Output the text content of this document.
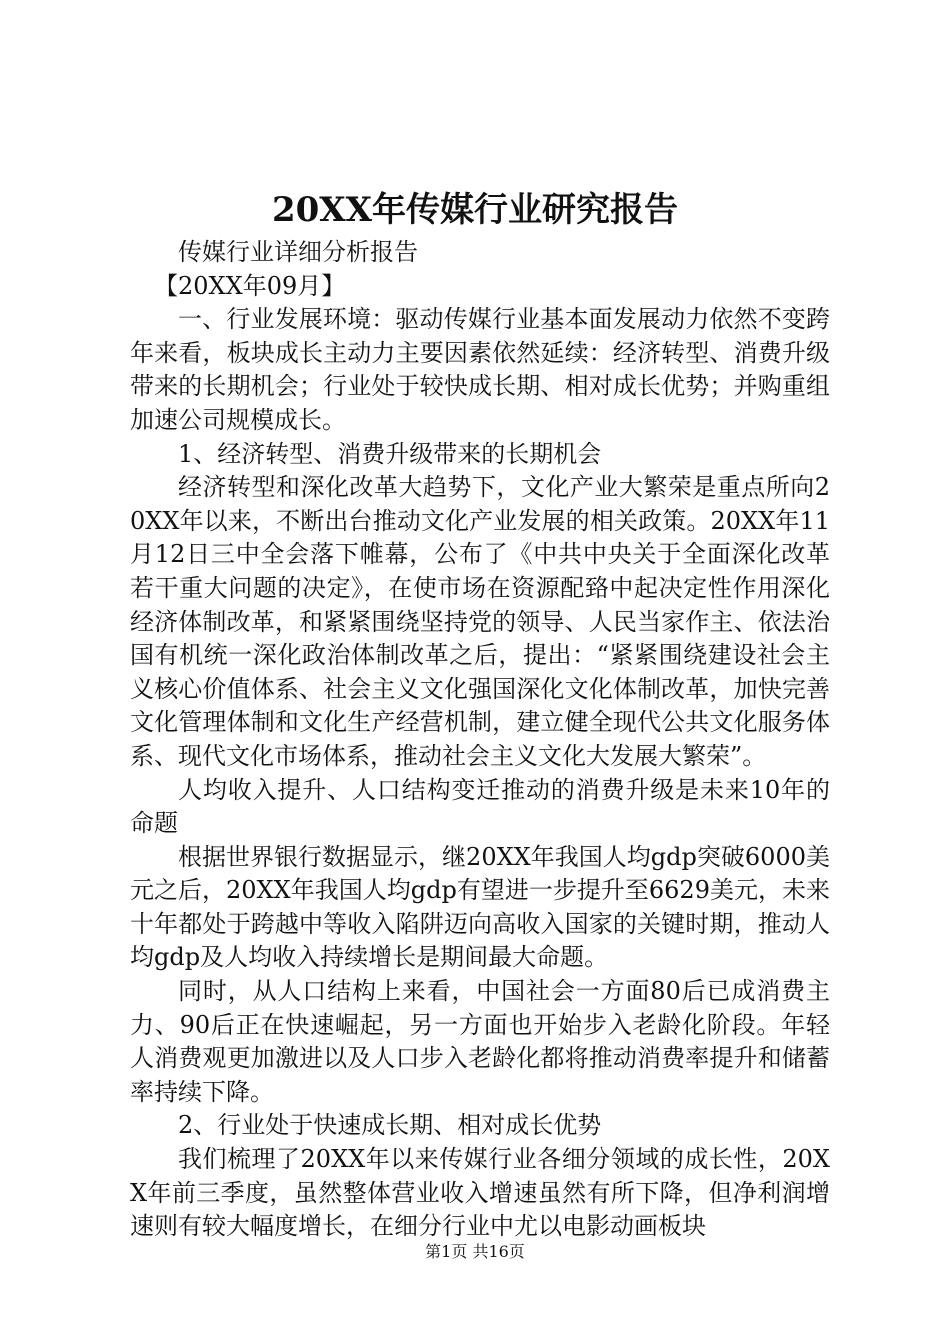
20XX年传媒行业研究报告

传媒行业详细分析报告

【20XX年09月】

一、行业发展环境：驱动传媒行业基本面发展动力依然不变跨年来看，板块成长主动力主要因素依然延续：经济转型、消费升级带来的长期机会；行业处于较快成长期、相对成长优势；并购重组加速公司规模成长。

1、经济转型、消费升级带来的长期机会

经济转型和深化改革大趋势下，文化产业大繁荣是重点所向20XX年以来，不断出台推动文化产业发展的相关政策。20XX年11月12日三中全会落下帷幕，公布了《中共中央关于全面深化改革若干重大问题的决定》，在使市场在资源配臵中起决定性作用深化经济体制改革，和紧紧围绕坚持党的领导、人民当家作主、依法治国有机统一深化政治体制改革之后，提出：“紧紧围绕建设社会主义核心价值体系、社会主义文化强国深化文化体制改革，加快完善文化管理体制和文化生产经营机制，建立健全现代公共文化服务体系、现代文化市场体系，推动社会主义文化大发展大繁荣”。

人均收入提升、人口结构变迁推动的消费升级是未来10年的命题

根据世界银行数据显示，继20XX年我国人均gdp突破6000美元之后，20XX年我国人均gdp有望进一步提升至6629美元，未来十年都处于跨越中等收入陷阱迈向高收入国家的关键时期，推动人均gdp及人均收入持续增长是期间最大命题。

同时，从人口结构上来看，中国社会一方面80后已成消费主力、90后正在快速崛起，另一方面也开始步入老龄化阶段。年轻人消费观更加激进以及人口步入老龄化都将推动消费率提升和储蓄率持续下降。

2、行业处于快速成长期、相对成长优势

我们梳理了20XX年以来传媒行业各细分领域的成长性，20XX年前三季度，虽然整体营业收入增速虽然有所下降，但净利润增速则有较大幅度增长，在细分行业中尤以电影动画板块

第1页 共16页
